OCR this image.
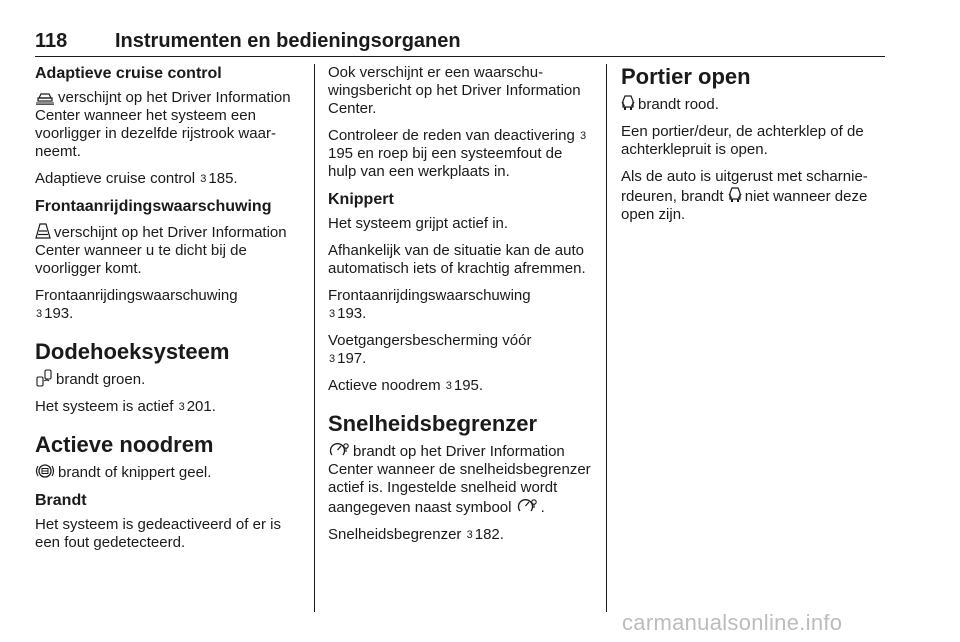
118 Instrumenten en bedieningsorganen
Adaptieve cruise control

verschijnt op het Driver Information Center wanneer het systeem een voorligger in dezelfde rijstrook waarneemt.

Adaptieve cruise control 3 185.

Frontaanrijdingswaarschuwing

verschijnt op het Driver Information Center wanneer u te dicht bij de voorligger komt.

Frontaanrijdingswaarschuwing
3 193.

Dodehoeksysteem

brandt groen.

Het systeem is actief 3 201.

Actieve noodrem

brandt of knippert geel.

Brandt

Het systeem is gedeactiveerd of er is een fout gedetecteerd.

Ook verschijnt er een waarschuwingsbericht op het Driver Information Center.

Controleer de reden van deactivering 3195 en roep bij een systeemfout de hulp van een werkplaats in.

Knippert

Het systeem grijpt actief in.

Afhankelijk van de situatie kan de auto automatisch iets of krachtig afremmen.

Frontaanrijdingswaarschuwing
3 193.

Voetgangersbescherming vóór
3 197.

Actieve noodrem 3 195.

Snelheidsbegrenzer

brandt op het Driver Information Center wanneer de snelheidsbegrenzer actief is. Ingestelde snelheid wordt aangegeven naast symbool .

Snelheidsbegrenzer 3 182.

Portier open

brandt rood.

Een portier/deur, de achterklep of de achterklepruit is open.

Als de auto is uitgerust met scharnierdeuren, brandt niet wanneer deze open zijn.

carmanualsonline.info
